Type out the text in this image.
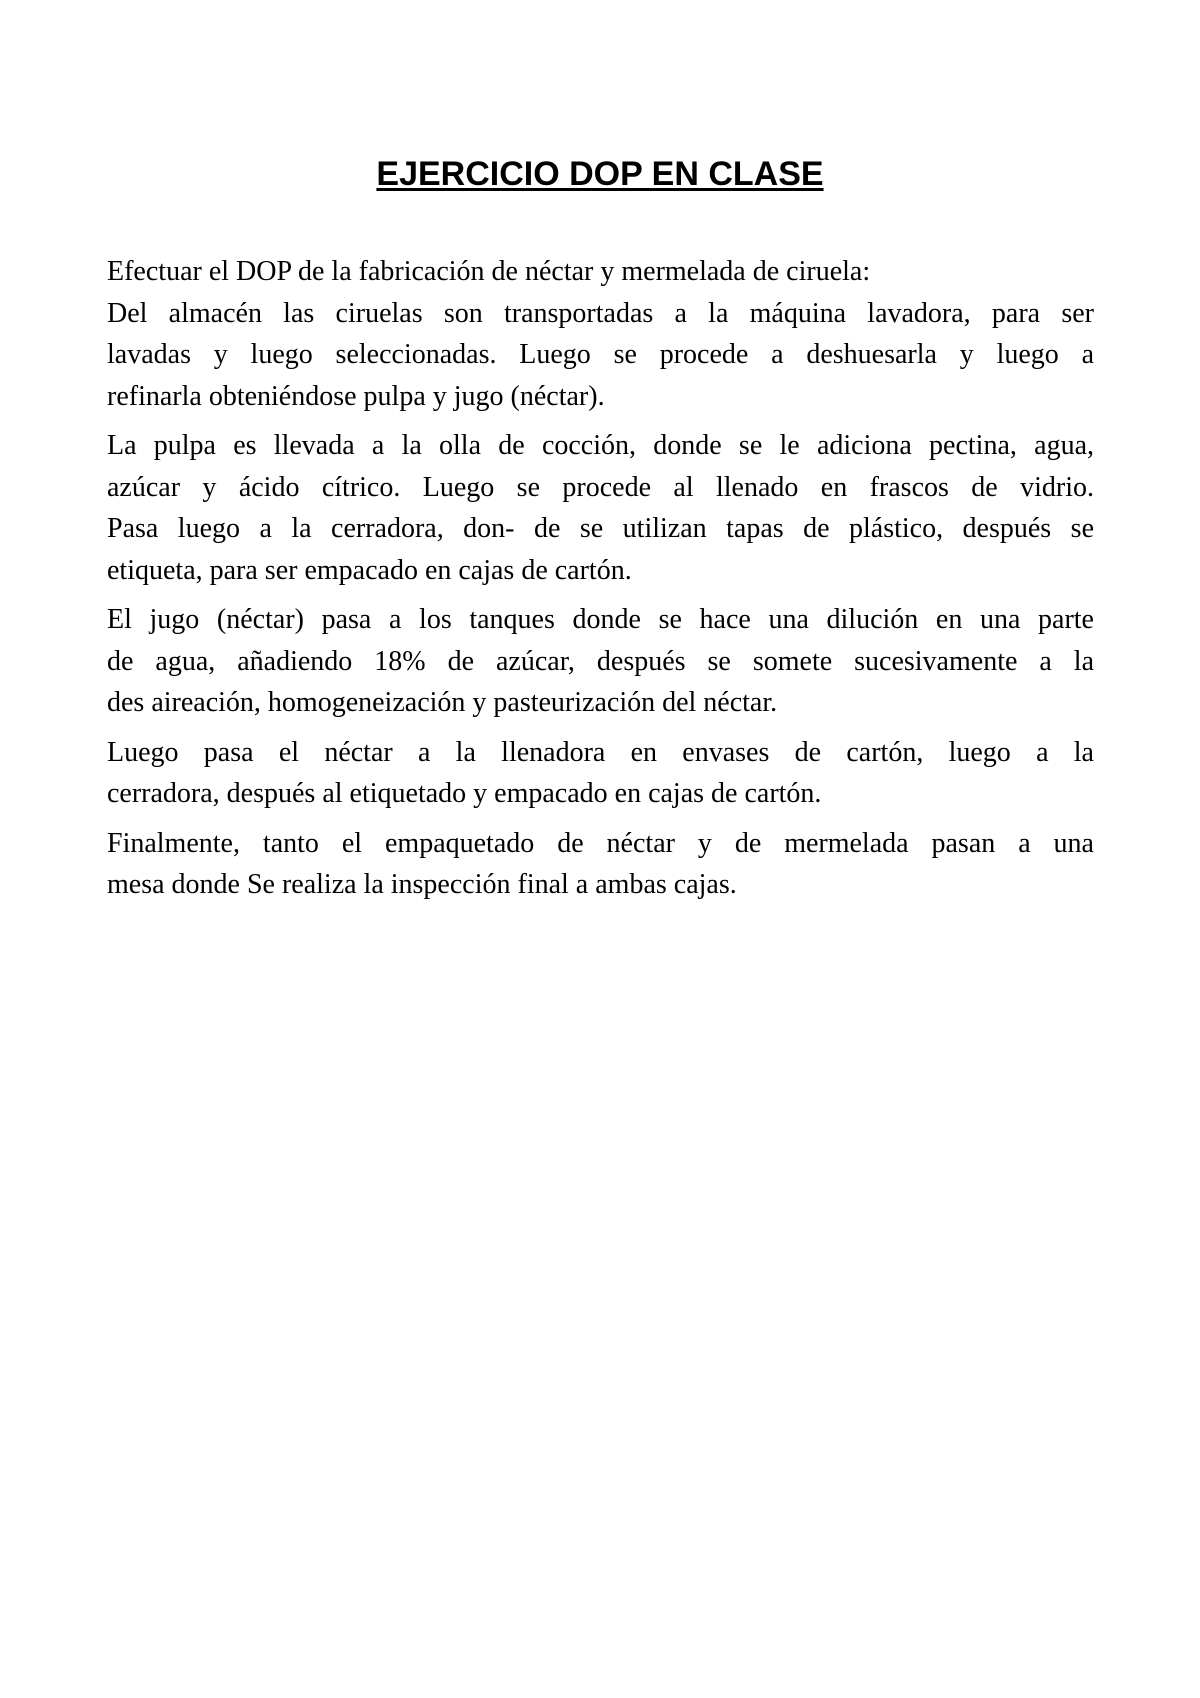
EJERCICIO DOP EN CLASE

Efectuar el DOP de la fabricación de néctar y mermelada de ciruela:
Del almacén las ciruelas son transportadas a la máquina lavadora, para ser
lavadas y luego seleccionadas. Luego se procede a deshuesarla y luego a
refinarla obteniéndose pulpa y jugo (néctar).

La pulpa es llevada a la olla de cocción, donde se le adiciona pectina, agua,
azúcar y ácido cítrico. Luego se procede al llenado en frascos de vidrio.
Pasa luego a la cerradora, don- de se utilizan tapas de plástico, después se
etiqueta, para ser empacado en cajas de cartón.

El jugo (néctar) pasa a los tanques donde se hace una dilución en una parte
de agua, añadiendo 18% de azúcar, después se somete sucesivamente a la
des aireación, homogeneización y pasteurización del néctar.

Luego pasa el néctar a la llenadora en envases de cartón, luego a la
cerradora, después al etiquetado y empacado en cajas de cartón.

Finalmente, tanto el empaquetado de néctar y de mermelada pasan a una
mesa donde Se realiza la inspección final a ambas cajas.
